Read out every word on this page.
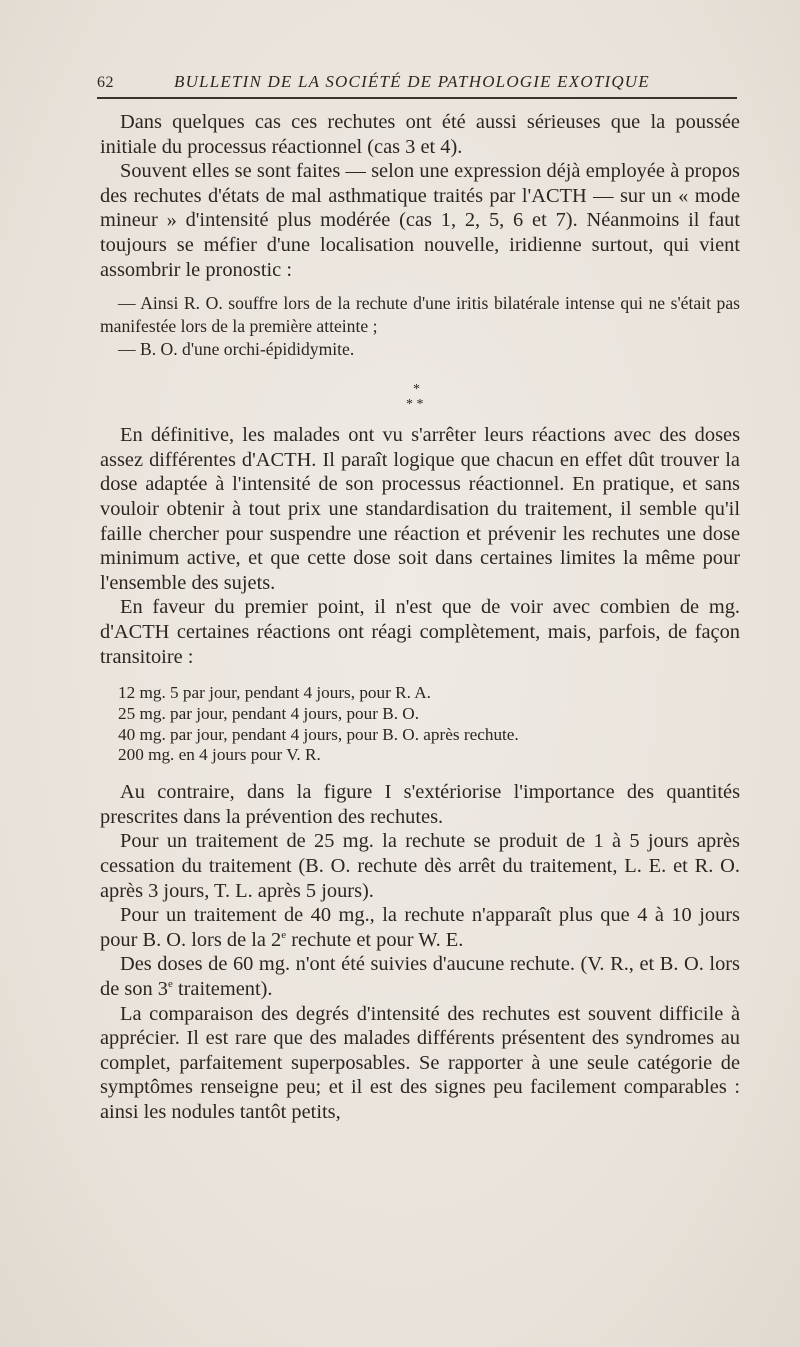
62	BULLETIN DE LA SOCIÉTÉ DE PATHOLOGIE EXOTIQUE

Dans quelques cas ces rechutes ont été aussi sérieuses que la poussée initiale du processus réactionnel (cas 3 et 4).

Souvent elles se sont faites — selon une expression déjà employée à propos des rechutes d'états de mal asthmatique traités par l'ACTH — sur un « mode mineur » d'intensité plus modérée (cas 1, 2, 5, 6 et 7). Néanmoins il faut toujours se méfier d'une localisation nouvelle, iridienne surtout, qui vient assombrir le pronostic :

— Ainsi R. O. souffre lors de la rechute d'une iritis bilatérale intense qui ne s'était pas manifestée lors de la première atteinte ;

— B. O. d'une orchi-épididymite.

*
* *

En définitive, les malades ont vu s'arrêter leurs réactions avec des doses assez différentes d'ACTH. Il paraît logique que chacun en effet dût trouver la dose adaptée à l'intensité de son processus réactionnel. En pratique, et sans vouloir obtenir à tout prix une standardisation du traitement, il semble qu'il faille chercher pour suspendre une réaction et prévenir les rechutes une dose minimum active, et que cette dose soit dans certaines limites la même pour l'ensemble des sujets.

En faveur du premier point, il n'est que de voir avec combien de mg. d'ACTH certaines réactions ont réagi complètement, mais, parfois, de façon transitoire :

12 mg. 5 par jour, pendant 4 jours, pour R. A.
25 mg. par jour, pendant 4 jours, pour B. O.
40 mg. par jour, pendant 4 jours, pour B. O. après rechute.
200 mg. en 4 jours pour V. R.

Au contraire, dans la figure I s'extériorise l'importance des quantités prescrites dans la prévention des rechutes.

Pour un traitement de 25 mg. la rechute se produit de 1 à 5 jours après cessation du traitement (B. O. rechute dès arrêt du traitement, L. E. et R. O. après 3 jours, T. L. après 5 jours).

Pour un traitement de 40 mg., la rechute n'apparaît plus que 4 à 10 jours pour B. O. lors de la 2e rechute et pour W. E.

Des doses de 60 mg. n'ont été suivies d'aucune rechute. (V. R., et B. O. lors de son 3e traitement).

La comparaison des degrés d'intensité des rechutes est souvent difficile à apprécier. Il est rare que des malades différents présentent des syndromes au complet, parfaitement superposables. Se rapporter à une seule catégorie de symptômes renseigne peu; et il est des signes peu facilement comparables : ainsi les nodules tantôt petits,
